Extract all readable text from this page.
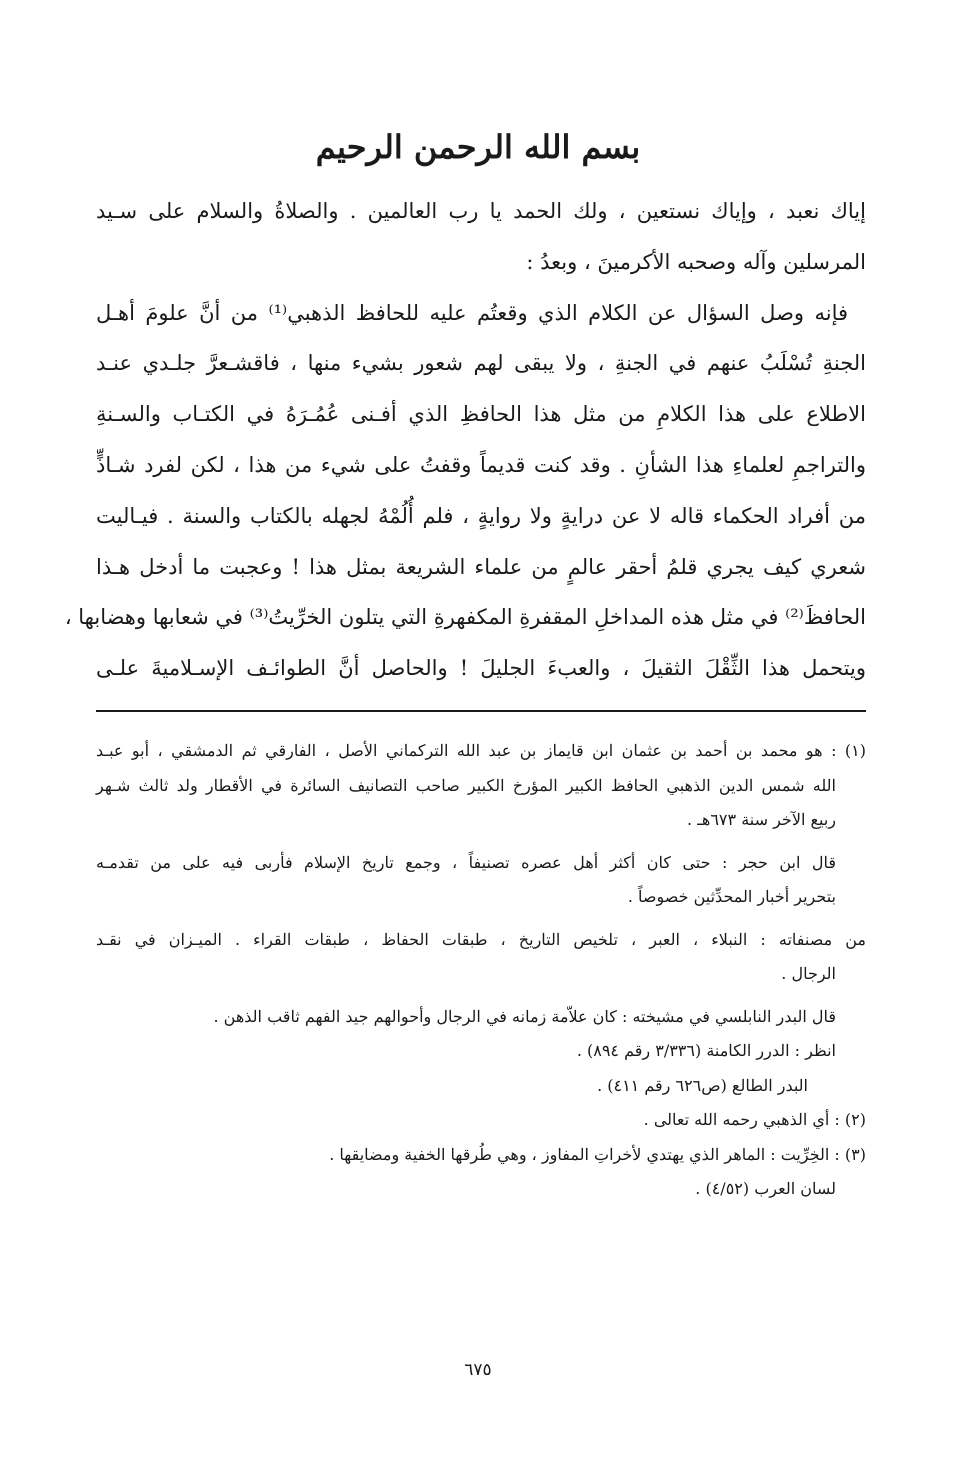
بسم الله الرحمن الرحيم
إياك نعبد ، وإياك نستعين ، ولك الحمد يا رب العالمين . والصلاةُ والسلام على سـيد
المرسلين وآله وصحبه الأكرمينَ ، وبعدُ :
فإنه وصل السؤال عن الكلام الذي وقعتُم عليه للحافظ الذهبي⁽¹⁾ من أنَّ علومَ أهـل
الجنةِ تُسْلَبُ عنهم في الجنةِ ، ولا يبقى لهم شعور بشيء منها ، فاقشـعرَّ جلـدي عنـد
الاطلاع على هذا الكلامِ من مثل هذا الحافظِ الذي أفـنى عُمُـرَهُ في الكتـاب والسـنةِ
والتراجمِ لعلماءِ هذا الشأنِ . وقد كنت قديماً وقفتُ على شيء من هذا ، لكن لفرد شـاذٍّ
من أفراد الحكماء قاله لا عن درايةٍ ولا روايةٍ ، فلم أُلُمْهُ لجهله بالكتاب والسنة . فيـاليت
شعري كيف يجري قلمُ أحقر عالمٍ من علماء الشريعة بمثل هذا ! وعجبت ما أدخل هـذا
الحافظَ⁽²⁾ في مثل هذه المداخلِ المقفرةِ المكفهرةِ التي يتلون الخرِّيتُ⁽³⁾ في شعابها وهضابها ،
ويتحمل هذا الثِّقْلَ الثقيلَ ، والعبءَ الجليلَ ! والحاصل أنَّ الطوائـف الإسـلاميةَ علـى
(١) : هو محمد بن أحمد بن عثمان ابن قايماز بن عبد الله التركماني الأصل ، الفارقي ثم الدمشقي ، أبو عبـد
الله شمس الدين الذهبي الحافظ الكبير المؤرخ الكبير صاحب التصانيف السائرة في الأقطار ولد ثالث شـهر
ربيع الآخر سنة ٦٧٣هـ .
قال ابن حجر : حتى كان أكثر أهل عصره تصنيفاً ، وجمع تاريخ الإسلام فأربى فيه على من تقدمـه
بتحرير أخبار المحدِّثين خصوصاً .
من مصنفاته : النبلاء ، العبر ، تلخيص التاريخ ، طبقات الحفاظ ، طبقات القراء . الميـزان في نقـد
الرجال .
قال البدر النابلسي في مشيخته : كان علاّمة زمانه في الرجال وأحوالهم جيد الفهم ثاقب الذهن .
انظر : الدرر الكامنة (٣/٣٣٦ رقم ٨٩٤) .
البدر الطالع (ص٦٢٦ رقم ٤١١) .
(٢) : أي الذهبي رحمه الله تعالى .
(٣) : الخِرِّيت : الماهر الذي يهتدي لأخراتِ المفاوز ، وهي طُرقها الخفية ومضايقها .
لسان العرب (٤/٥٢) .
٦٧٥
